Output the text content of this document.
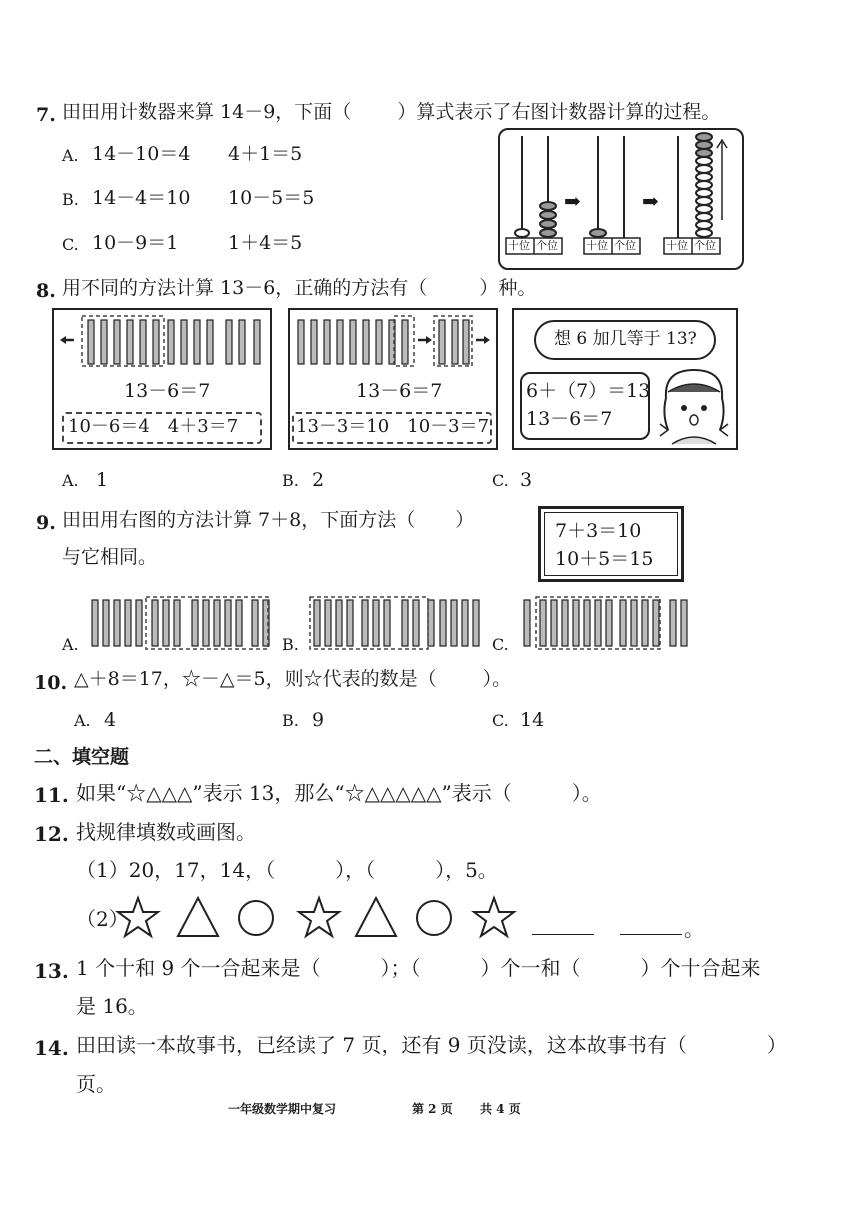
7. 田田用计数器来算 14－9，下面（ ）算式表示了右图计数器计算的过程。
A. 14－10＝4 4＋1＝5
B. 14－4＝10 10－5＝5
C. 10－9＝1	1＋4＝5	十位 个位	十位 个位	十位 个位
➡	➡
8. 用不同的方法计算 13－6，正确的方法有（	）种。
13－6＝7
10－6＝4　4＋3＝7
13－6＝7
13－3＝10　10－3＝7
想 6 加几等于 13?
6＋（7）＝13
13－6＝7
A. 1	B. 2	C. 3
9. 田田用右图的方法计算 7＋8，下面方法（ ）
与它相同。
7＋3＝10
10＋5＝15
A.	B.	C.
10. △＋8＝17，☆－△＝5，则☆代表的数是（ ）。
A. 4	B. 9	C. 14
二、填空题
11. 如果“☆△△△”表示 13，那么“☆△△△△△”表示（　　　）。
12. 找规律填数或画图。
（1）20，17，14，（　　　），（　　　），5。
（2）	。
13. 1 个十和 9 个一合起来是（　　　）；（　　　）个一和（　　　）个十合起来
是 16。
14. 田田读一本故事书，已经读了 7 页，还有 9 页没读，这本故事书有（　　　　）
页。
一年级数学期中复习	第 2 页 共 4 页
